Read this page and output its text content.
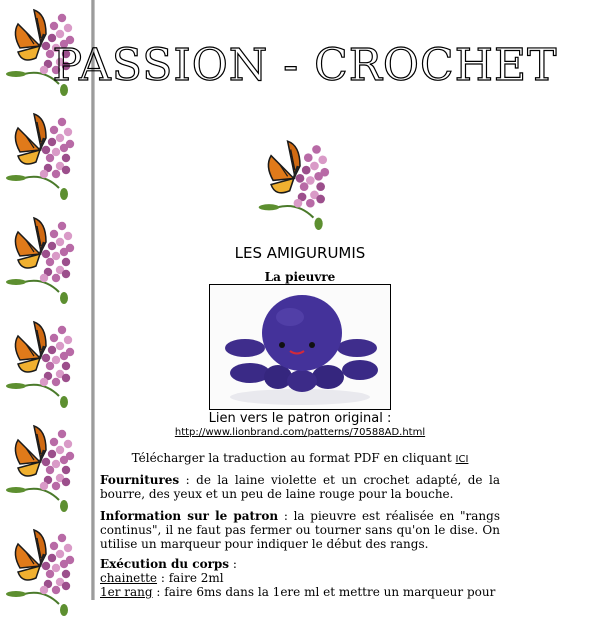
PASSION - CROCHET
LES AMIGURUMIS
La pieuvre
Lien vers le patron original :
http://www.lionbrand.com/patterns/70588AD.html
Télécharger la traduction au format PDF en cliquant ICI
Fournitures : de la laine violette et un crochet adapté, de la bourre, des yeux et un peu de laine rouge pour la bouche.
Information sur le patron : la pieuvre est réalisée en "rangs continus", il ne faut pas fermer ou tourner sans qu'on le dise. On utilise un marqueur pour indiquer le début des rangs.
Exécution du corps :
chainette : faire 2ml
1er rang : faire 6ms dans la 1ere ml et mettre un marqueur pour
